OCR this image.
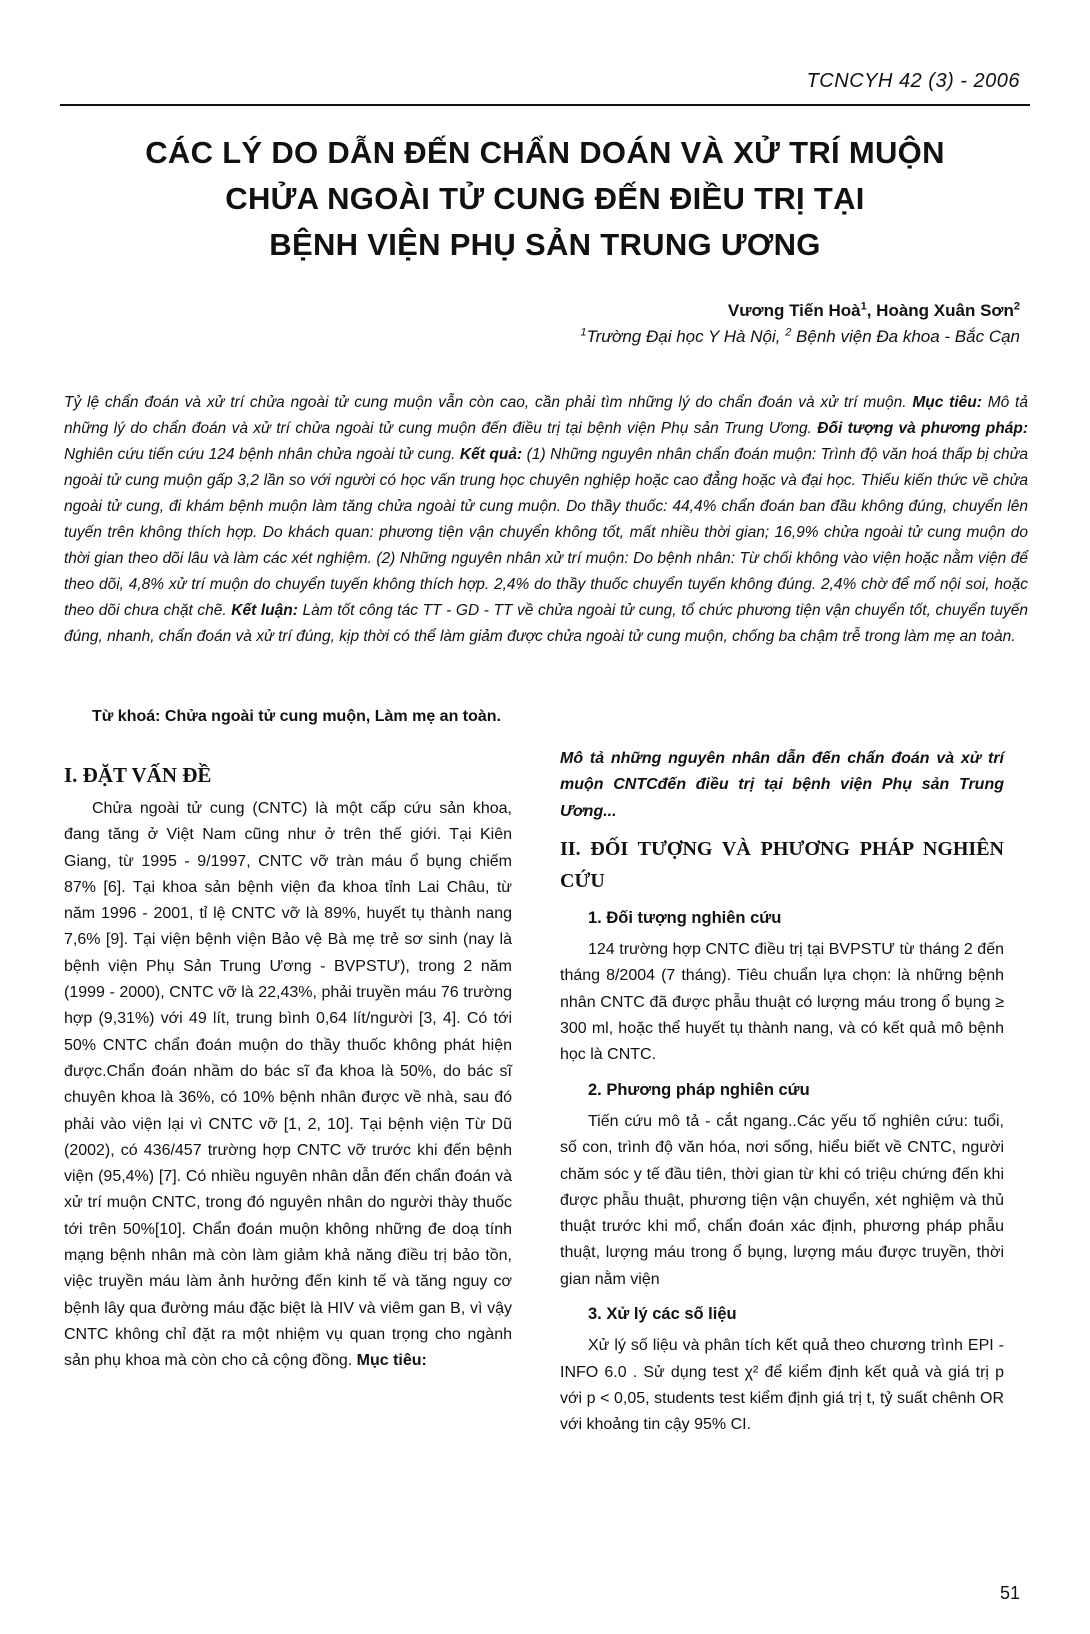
TCNCYH 42 (3) - 2006
CÁC LÝ DO DẪN ĐẾN CHẨN DOÁN VÀ XỬ TRÍ MUỘN
CHỬA NGOÀI TỬ CUNG ĐẾN ĐIỀU TRỊ TẠI
BỆNH VIỆN PHỤ SẢN TRUNG ƯƠNG
Vương Tiến Hoà$^1$, Hoàng Xuân Sơn$^2$
$^1$Trường Đại học Y Hà Nội, $^2$ Bệnh viện Đa khoa - Bắc Cạn
Tỷ lệ chẩn đoán và xử trí chửa ngoài tử cung muộn vẫn còn cao, cần phải tìm những lý do chẩn đoán và xử trí muộn. Mục tiêu: Mô tả những lý do chẩn đoán và xử trí chửa ngoài tử cung muộn đến điều trị tại bệnh viện Phụ sản Trung Ương. Đối tượng và phương pháp: Nghiên cứu tiến cứu 124 bệnh nhân chửa ngoài tử cung. Kết quả: (1) Những nguyên nhân chẩn đoán muộn: Trình độ văn hoá thấp bị chửa ngoài tử cung muộn gấp 3,2 lần so với người có học vấn trung học chuyên nghiệp hoặc cao đẳng hoặc và đại học. Thiếu kiến thức về chửa ngoài tử cung, đi khám bệnh muộn làm tăng chửa ngoài tử cung muộn. Do thầy thuốc: 44,4% chẩn đoán ban đầu không đúng, chuyển lên tuyến trên không thích hợp. Do khách quan: phương tiện vận chuyển không tốt, mất nhiều thời gian; 16,9% chửa ngoài tử cung muộn do thời gian theo dõi lâu và làm các xét nghiệm. (2) Những nguyên nhân xử trí muộn: Do bệnh nhân: Từ chối không vào viện hoặc nằm viện để theo dõi, 4,8% xử trí muộn do chuyển tuyến không thích hợp. 2,4% do thầy thuốc chuyển tuyến không đúng. 2,4% chờ để mổ nội soi, hoặc theo dõi chưa chặt chẽ. Kết luận: Làm tốt công tác TT - GD - TT về chửa ngoài tử cung, tổ chức phương tiện vận chuyển tốt, chuyển tuyến đúng, nhanh, chẩn đoán và xử trí đúng, kịp thời có thể làm giảm được chửa ngoài tử cung muộn, chống ba chậm trễ trong làm mẹ an toàn.
Từ khoá: Chửa ngoài tử cung muộn, Làm mẹ an toàn.
I. ĐẶT VẤN ĐỀ

Chửa ngoài tử cung (CNTC) là một cấp cứu sản khoa, đang tăng ở Việt Nam cũng như ở trên thế giới. Tại Kiên Giang, từ 1995 - 9/1997, CNTC vỡ tràn máu ổ bụng chiếm 87% [6]. Tại khoa sản bệnh viện đa khoa tỉnh Lai Châu, từ năm 1996 - 2001, tỉ lệ CNTC vỡ là 89%, huyết tụ thành nang 7,6% [9]. Tại viện bệnh viện Bảo vệ Bà mẹ trẻ sơ sinh (nay là bệnh viện Phụ Sản Trung Ương - BVPSTƯ), trong 2 năm (1999 - 2000), CNTC vỡ là 22,43%, phải truyền máu 76 trường hợp (9,31%) với 49 lít, trung bình 0,64 lít/người [3, 4]. Có tới 50% CNTC chẩn đoán muộn do thầy thuốc không phát hiện được.Chẩn đoán nhầm do bác sĩ đa khoa là 50%, do bác sĩ chuyên khoa là 36%, có 10% bệnh nhân được về nhà, sau đó phải vào viện lại vì CNTC vỡ [1, 2, 10]. Tại bệnh viện Từ Dũ (2002), có 436/457 trường hợp CNTC vỡ trước khi đến bệnh viện (95,4%) [7]. Có nhiều nguyên nhân dẫn đến chẩn đoán và xử trí muộn CNTC, trong đó nguyên nhân do người thày thuốc tới trên 50%[10]. Chẩn đoán muộn không những đe doạ tính mạng bệnh nhân mà còn làm giảm khả năng điều trị bảo tồn, việc truyền máu làm ảnh hưởng đến kinh tế và tăng nguy cơ bệnh lây qua đường máu đặc biệt là HIV và viêm gan B, vì vậy CNTC không chỉ đặt ra một nhiệm vụ quan trọng cho ngành sản phụ khoa mà còn cho cả cộng đồng. Mục tiêu:

Mô tả những nguyên nhân dẫn đến chẩn đoán và xử trí muộn CNTCđến điều trị tại bệnh viện Phụ sản Trung Ương...
II. ĐỐI TƯỢNG VÀ PHƯƠNG PHÁP NGHIÊN CỨU
1. Đối tượng nghiên cứu

124 trường hợp CNTC điều trị tại BVPSTƯ từ tháng 2 đến tháng 8/2004 (7 tháng). Tiêu chuẩn lựa chọn: là những bệnh nhân CNTC đã được phẫu thuật có lượng máu trong ổ bụng ≥ 300 ml, hoặc thể huyết tụ thành nang, và có kết quả mô bệnh học là CNTC.

2. Phương pháp nghiên cứu

Tiến cứu mô tả - cắt ngang..Các yếu tố nghiên cứu: tuổi, số con, trình độ văn hóa, nơi sống, hiểu biết về CNTC, người chăm sóc y tế đầu tiên, thời gian từ khi có triệu chứng đến khi được phẫu thuật, phương tiện vận chuyển, xét nghiệm và thủ thuật trước khi mổ, chẩn đoán xác định, phương pháp phẫu thuật, lượng máu trong ổ bụng, lượng máu được truyền, thời gian nằm viện

3. Xử lý các số liệu

Xử lý số liệu và phân tích kết quả theo chương trình EPI - INFO 6.0 . Sử dụng test χ² để kiểm định kết quả và giá trị p với p < 0,05, students test kiểm định giá trị t, tỷ suất chênh OR với khoảng tin cậy 95% CI.

51
